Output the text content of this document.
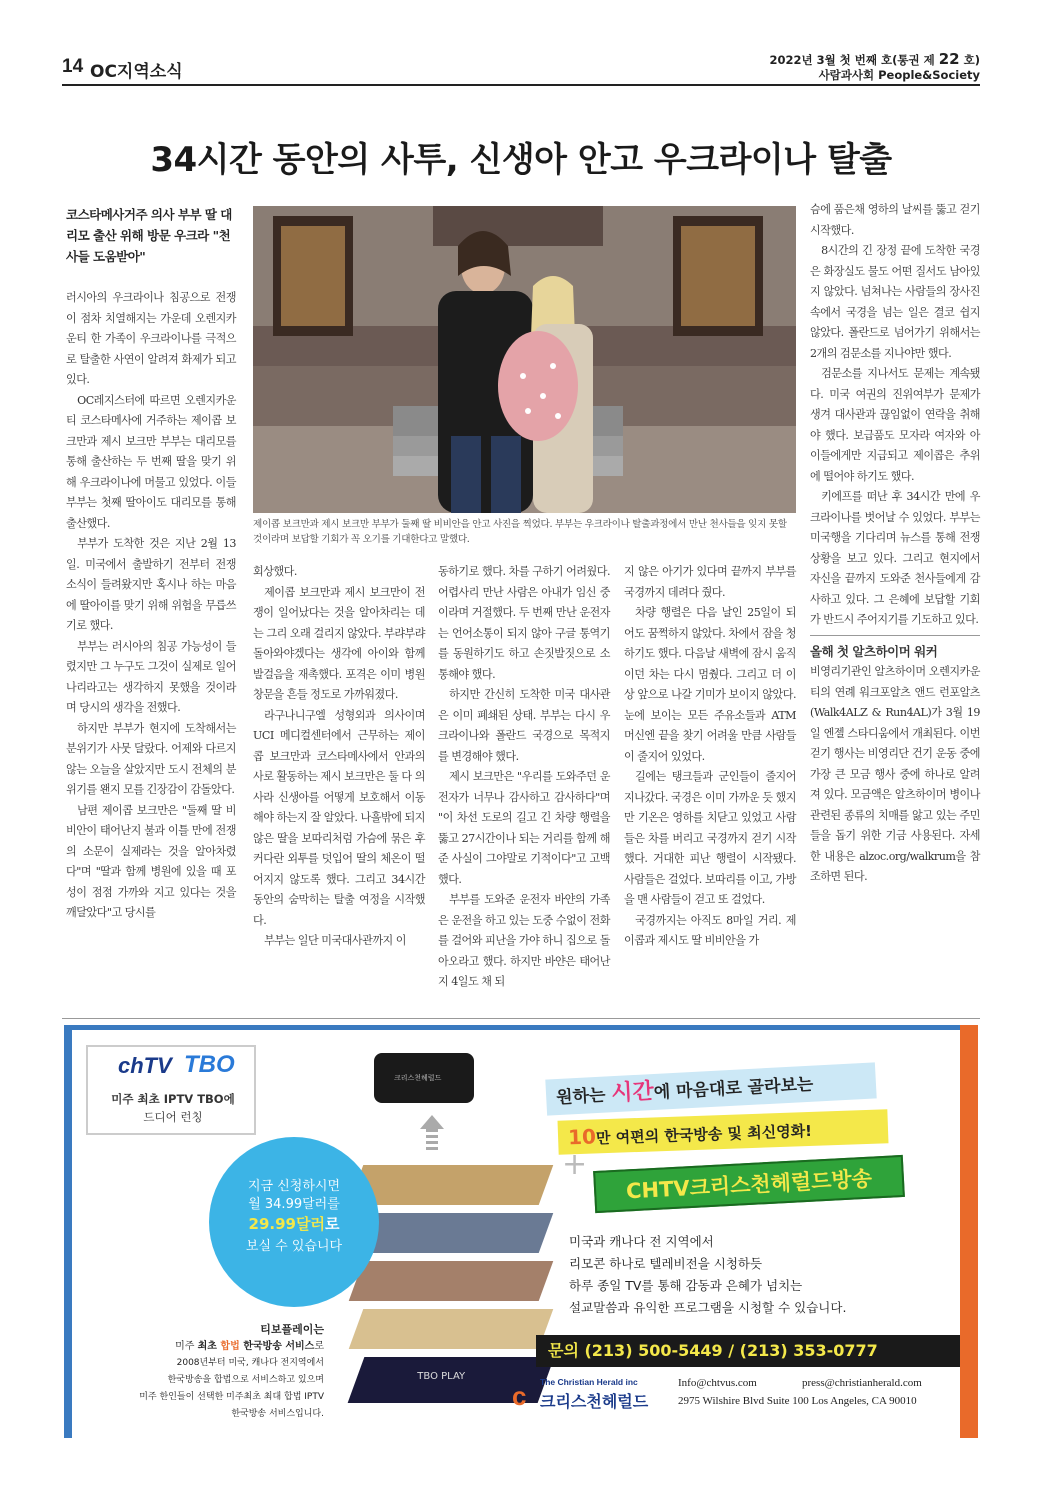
14 OC지역소식
2022년 3월 첫 번째 호(통권 제 22 호)
사람과사회 People&Society
34시간 동안의 사투, 신생아 안고 우크라이나 탈출
코스타메사거주 의사 부부 딸 대리모 출산 위해 방문 우크라 "천사들 도움받아"
제이콥 보크만과 제시 보크만 부부가 둘째 딸 비비안을 안고 사진을 찍었다. 부부는 우크라이나 탈출과정에서 만난 천사들을 잊지 못할 것이라며 보답할 기회가 꼭 오기를 기대한다고 말했다.

러시아의 우크라이나 침공으로 전쟁이 점차 치열해지는 가운데 오렌지카운티 한 가족이 우크라이나를 극적으로 탈출한 사연이 알려져 화제가 되고 있다.

OC레지스터에 따르면 오렌지카운티 코스타메사에 거주하는 제이콥 보크만과 제시 보크만 부부는 대리모를 통해 출산하는 두 번째 딸을 맞기 위해 우크라이나에 머물고 있었다. 이들 부부는 첫째 딸아이도 대리모를 통해 출산했다.

부부가 도착한 것은 지난 2월 13일. 미국에서 출발하기 전부터 전쟁 소식이 들려왔지만 혹시나 하는 마음에 딸아이를 맞기 위해 위험을 무릅쓰기로 했다.

부부는 러시아의 침공 가능성이 들렸지만 그 누구도 그것이 실제로 일어나리라고는 생각하지 못했을 것이라며 당시의 생각을 전했다.

하지만 부부가 현지에 도착해서는 분위기가 사뭇 달랐다. 어제와 다르지 않는 오늘을 살았지만 도시 전체의 분위기를 왠지 모를 긴장감이 감돌았다.

남편 제이콥 보크만은 "둘째 딸 비비안이 태어난지 불과 이틀 만에 전쟁의 소문이 실제라는 것을 알아차렸다"며 "딸과 함께 병원에 있을 때 포성이 점점 가까와 지고 있다는 것을 깨달았다"고 당시를

회상했다.

제이콥 보크만과 제시 보크만이 전쟁이 일어났다는 것을 알아차리는 데는 그리 오래 걸리지 않았다. 부랴부랴 돌아와야겠다는 생각에 아이와 함께 발걸음을 재촉했다. 포격은 이미 병원 창문을 흔들 정도로 가까워졌다.

라구나니구엘 성형외과 의사이며 UCI 메디컬센터에서 근무하는 제이콥 보크만과 코스타메사에서 안과의사로 활동하는 제시 보크만은 둘 다 의사라 신생아를 어떻게 보호해서 이동해야 하는지 잘 알았다. 나흘밖에 되지 않은 딸을 보따리처럼 가슴에 묶은 후 커다란 외투를 덧입어 딸의 체온이 떨어지지 않도록 했다. 그리고 34시간 동안의 숨막히는 탈출 여정을 시작했다.

부부는 일단 미국대사관까지 이

동하기로 했다. 차를 구하기 어려웠다. 어렵사리 만난 사람은 아내가 임신 중이라며 거절했다. 두 번째 만난 운전자는 언어소통이 되지 않아 구글 통역기를 동원하기도 하고 손짓발짓으로 소통해야 했다.

하지만 간신히 도착한 미국 대사관은 이미 폐쇄된 상태. 부부는 다시 우크라이나와 폴란드 국경으로 목적지를 변경해야 했다.

제시 보크만은 "우리를 도와주던 운전자가 너무나 감사하고 감사하다"며 "이 차선 도로의 길고 긴 차량 행렬을 뚫고 27시간이나 되는 거리를 함께 해준 사실이 그야말로 기적이다"고 고백했다.

부부를 도와준 운전자 바얀의 가족은 운전을 하고 있는 도중 수없이 전화를 걸어와 피난을 가야 하니 집으로 돌아오라고 했다. 하지만 바얀은 태어난지 4일도 채 되

지 않은 아기가 있다며 끝까지 부부를 국경까지 데려다 줬다.

차량 행렬은 다음 날인 25일이 되어도 꿈쩍하지 않았다. 차에서 잠을 청하기도 했다. 다음날 새벽에 잠시 움직이던 차는 다시 멈췄다. 그리고 더 이상 앞으로 나갈 기미가 보이지 않았다. 눈에 보이는 모든 주유소들과 ATM 머신엔 끝을 찾기 어려울 만큼 사람들이 줄지어 있었다.

길에는 탱크들과 군인들이 줄지어 지나갔다. 국경은 이미 가까운 듯 했지만 기온은 영하를 치닫고 있었고 사람들은 차를 버리고 국경까지 걷기 시작했다. 거대한 피난 행렬이 시작됐다. 사람들은 걸었다. 보따리를 이고, 가방을 맨 사람들이 걷고 또 걸었다.

국경까지는 아직도 8마일 거리. 제이콥과 제시도 딸 비비안을 가

슴에 품은채 영하의 날씨를 뚫고 걷기 시작했다.

8시간의 긴 장정 끝에 도착한 국경은 화장실도 물도 어떤 질서도 남아있지 않았다. 넘쳐나는 사람들의 장사진 속에서 국경을 넘는 일은 결코 쉽지 않았다. 폴란드로 넘어가기 위해서는 2개의 검문소를 지나야만 했다.

검문소를 지나서도 문제는 계속됐다. 미국 여권의 진위여부가 문제가 생겨 대사관과 끊임없이 연락을 취해야 했다. 보급품도 모자라 여자와 아이들에게만 지급되고 제이콥은 추위에 떨어야 하기도 했다.

키에프를 떠난 후 34시간 만에 우크라이나를 벗어날 수 있었다. 부부는 미국행을 기다리며 뉴스를 통해 전쟁상황을 보고 있다. 그리고 현지에서 자신을 끝까지 도와준 천사들에게 감사하고 있다. 그 은혜에 보답할 기회가 반드시 주어지기를 기도하고 있다.

올해 첫 알츠하이머 워커

비영리기관인 알츠하이머 오렌지카운티의 연례 워크포알츠 앤드 런포알츠(Walk4ALZ & Run4AL)가 3월 19일 엔젤 스타디움에서 개최된다. 이번 걷기 행사는 비영리단 건기 운동 중에 가장 큰 모금 행사 중에 하나로 알려져 있다. 모금액은 알츠하이머 병이나 관련된 종류의 치매를 앓고 있는 주민들을 돕기 위한 기금 사용된다. 자세한 내용은 alzoc.org/walkrum을 참조하면 된다.

chTV TBO
미주 최초 IPTV TBO에
드디어 런칭
크리스천헤럴드
TBO PLAY
지금 신청하시면
월 34.99달러를
29.99달러로
보실 수 있습니다
원하는 시간에 마음대로 골라보는
10만 여편의 한국방송 및 최신영화!
+
CHTV크리스천헤럴드방송
미국과 캐나다 전 지역에서
리모콘 하나로 텔레비전을 시청하듯
하루 종일 TV를 통해 감동과 은혜가 넘치는
설교말씀과 유익한 프로그램을 시청할 수 있습니다.
문의 (213) 500-5449 / (213) 353-0777
티보플레이는
미주 최초 합법 한국방송 서비스로
2008년부터 미국, 캐나다 전지역에서
한국방송을 합법으로 서비스하고 있으며
미주 한인들이 선택한 미주최초 최대 합법 IPTV
한국방송 서비스입니다.
c	The Christian Herald inc
크리스천헤럴드
Info@chtvus.com	press@christianherald.com
2975 Wilshire Blvd Suite 100 Los Angeles, CA 90010
